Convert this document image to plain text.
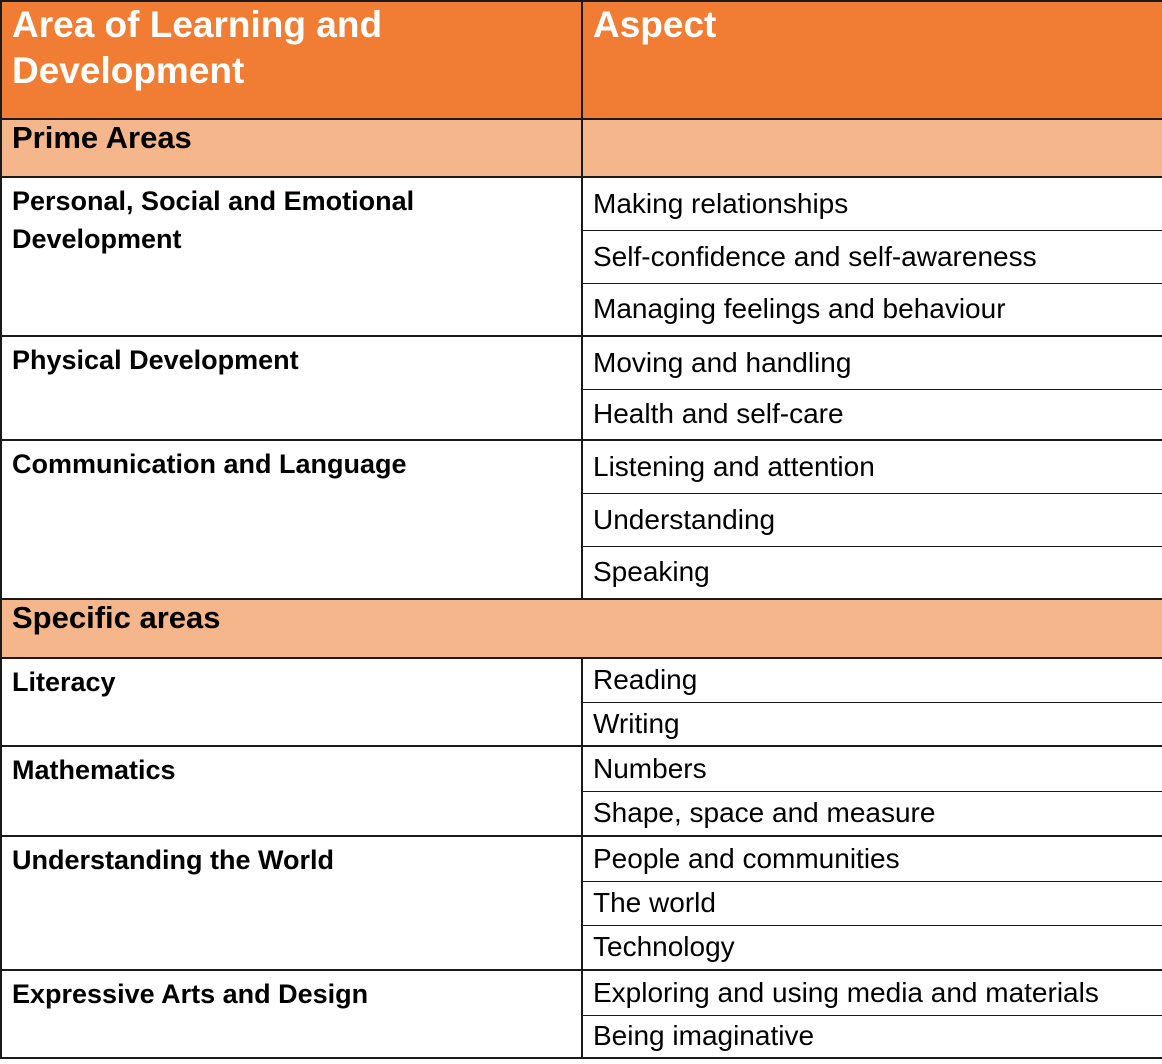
Area of Learning and Development	Aspect
Prime Areas	
Personal, Social and Emotional Development	Making relationships
	Self-confidence and self-awareness
	Managing feelings and behaviour
Physical Development	Moving and handling
	Health and self-care
Communication and Language	Listening and attention
	Understanding
	Speaking
Specific areas	
Literacy	Reading
	Writing
Mathematics	Numbers
	Shape, space and measure
Understanding the World	People and communities
	The world
	Technology
Expressive Arts and Design	Exploring and using media and materials
	Being imaginative
